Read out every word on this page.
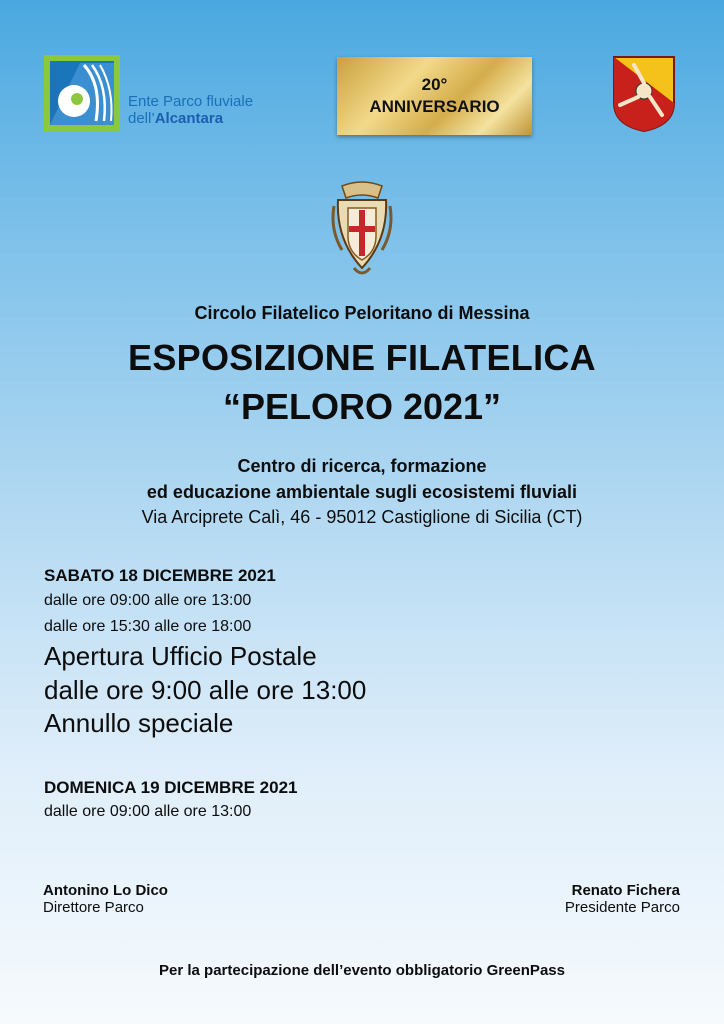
Ente Parco fluviale
dell’Alcantara
20°
ANNIVERSARIO
Circolo Filatelico Peloritano di Messina
ESPOSIZIONE FILATELICA
“PELORO 2021”
Centro di ricerca, formazione
ed educazione ambientale sugli ecosistemi fluviali
Via Arciprete Calì, 46 - 95012 Castiglione di Sicilia (CT)
SABATO 18 DICEMBRE 2021
dalle ore 09:00 alle ore 13:00
dalle ore 15:30 alle ore 18:00
Apertura Ufficio Postale
dalle ore 9:00 alle ore 13:00
Annullo speciale
DOMENICA 19 DICEMBRE 2021
dalle ore 09:00 alle ore 13:00
Antonino Lo Dico
Direttore Parco
Renato Fichera
Presidente Parco
Per la partecipazione dell’evento obbligatorio GreenPass
